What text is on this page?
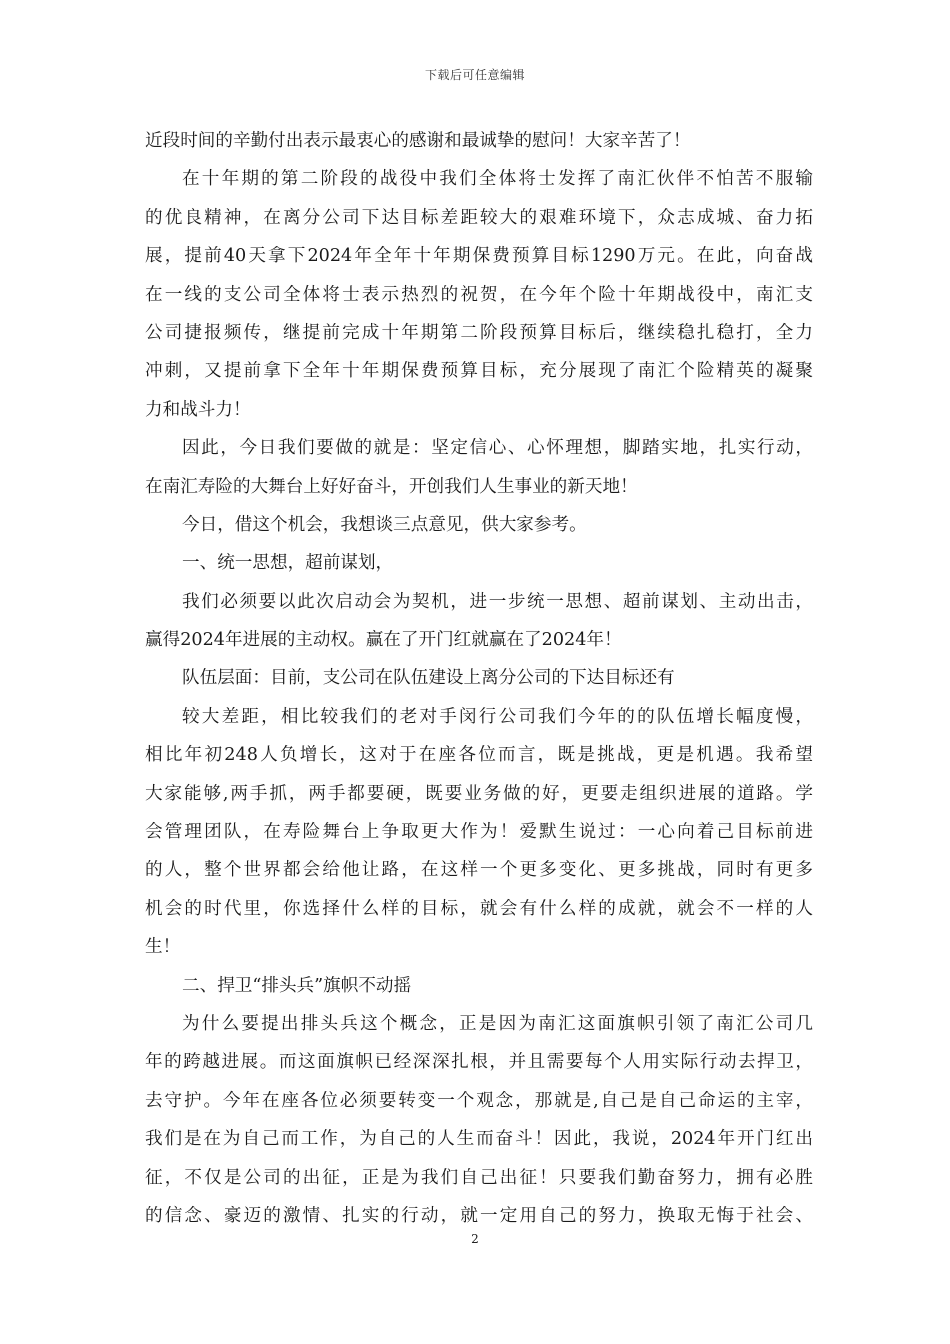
下载后可任意编辑
近段时间的辛勤付出表示最衷心的感谢和最诚挚的慰问！大家辛苦了！
在十年期的第二阶段的战役中我们全体将士发挥了南汇伙伴不怕苦不服输
的优良精神，在离分公司下达目标差距较大的艰难环境下，众志成城、奋力拓
展，提前40天拿下2024年全年十年期保费预算目标1290万元。在此，向奋战
在一线的支公司全体将士表示热烈的祝贺，在今年个险十年期战役中，南汇支
公司捷报频传，继提前完成十年期第二阶段预算目标后，继续稳扎稳打，全力
冲刺，又提前拿下全年十年期保费预算目标，充分展现了南汇个险精英的凝聚
力和战斗力！
因此，今日我们要做的就是：坚定信心、心怀理想，脚踏实地，扎实行动，
在南汇寿险的大舞台上好好奋斗，开创我们人生事业的新天地！
今日，借这个机会，我想谈三点意见，供大家参考。
一、统一思想，超前谋划，
我们必须要以此次启动会为契机，进一步统一思想、超前谋划、主动出击，
赢得2024年进展的主动权。赢在了开门红就赢在了2024年！
队伍层面：目前，支公司在队伍建设上离分公司的下达目标还有
较大差距，相比较我们的老对手闵行公司我们今年的的队伍增长幅度慢，
相比年初248人负增长，这对于在座各位而言，既是挑战，更是机遇。我希望
大家能够,两手抓，两手都要硬，既要业务做的好，更要走组织进展的道路。学
会管理团队，在寿险舞台上争取更大作为！爱默生说过：一心向着己目标前进
的人，整个世界都会给他让路，在这样一个更多变化、更多挑战，同时有更多
机会的时代里，你选择什么样的目标，就会有什么样的成就，就会不一样的人
生！
二、捍卫“排头兵”旗帜不动摇
为什么要提出排头兵这个概念，正是因为南汇这面旗帜引领了南汇公司几
年的跨越进展。而这面旗帜已经深深扎根，并且需要每个人用实际行动去捍卫，
去守护。今年在座各位必须要转变一个观念，那就是,自己是自己命运的主宰，
我们是在为自己而工作，为自己的人生而奋斗！因此，我说，2024年开门红出
征，不仅是公司的出征，正是为我们自己出征！只要我们勤奋努力，拥有必胜
的信念、豪迈的激情、扎实的行动，就一定用自己的努力，换取无悔于社会、
2
